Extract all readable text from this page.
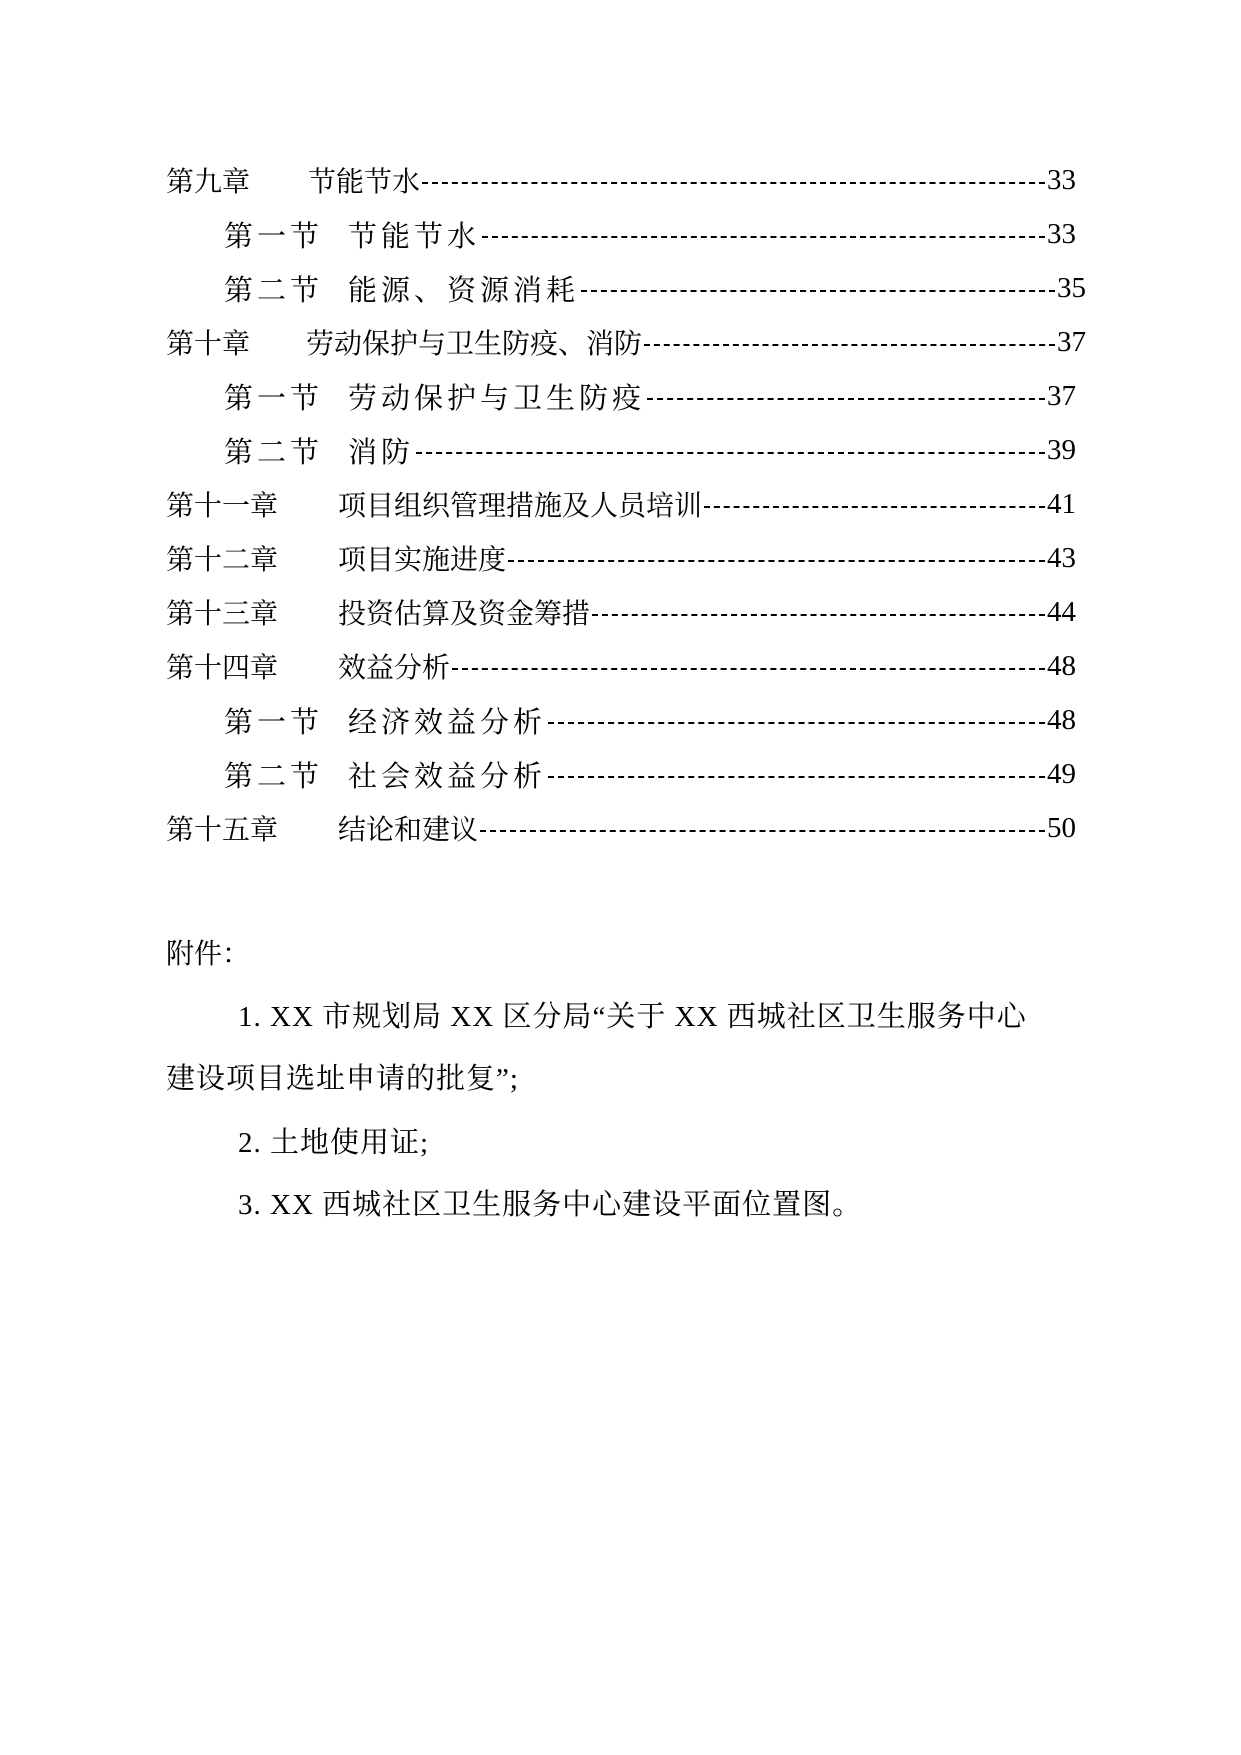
第九章	节能节水	33
第一节 节能节水	33
第二节 能源、资源消耗	35
第十章	劳动保护与卫生防疫、消防	37
第一节 劳动保护与卫生防疫	37
第二节 消防	39
第十一章	项目组织管理措施及人员培训	41
第十二章	项目实施进度	43
第十三章	投资估算及资金筹措	44
第十四章	效益分析	48
第一节 经济效益分析	48
第二节 社会效益分析	49
第十五章	结论和建议	50
附件：
1. XX 市规划局 XX 区分局“关于 XX 西城社区卫生服务中心
建设项目选址申请的批复”;
2. 土地使用证;
3. XX 西城社区卫生服务中心建设平面位置图。
